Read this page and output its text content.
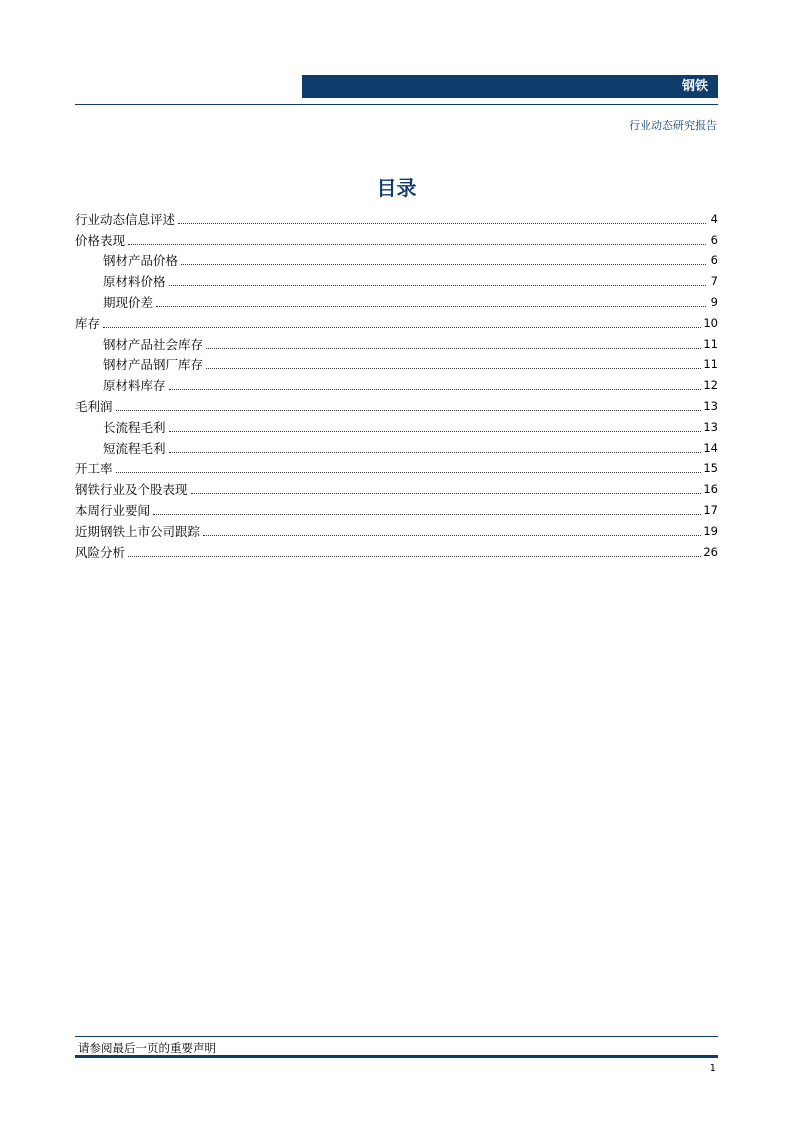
钢铁
行业动态研究报告
目录
行业动态信息评述	4
价格表现	6
钢材产品价格	6
原材料价格	7
期现价差	9
库存	10
钢材产品社会库存	11
钢材产品钢厂库存	11
原材料库存	12
毛利润	13
长流程毛利	13
短流程毛利	14
开工率	15
钢铁行业及个股表现	16
本周行业要闻	17
近期钢铁上市公司跟踪	19
风险分析	26
请参阅最后一页的重要声明
1
